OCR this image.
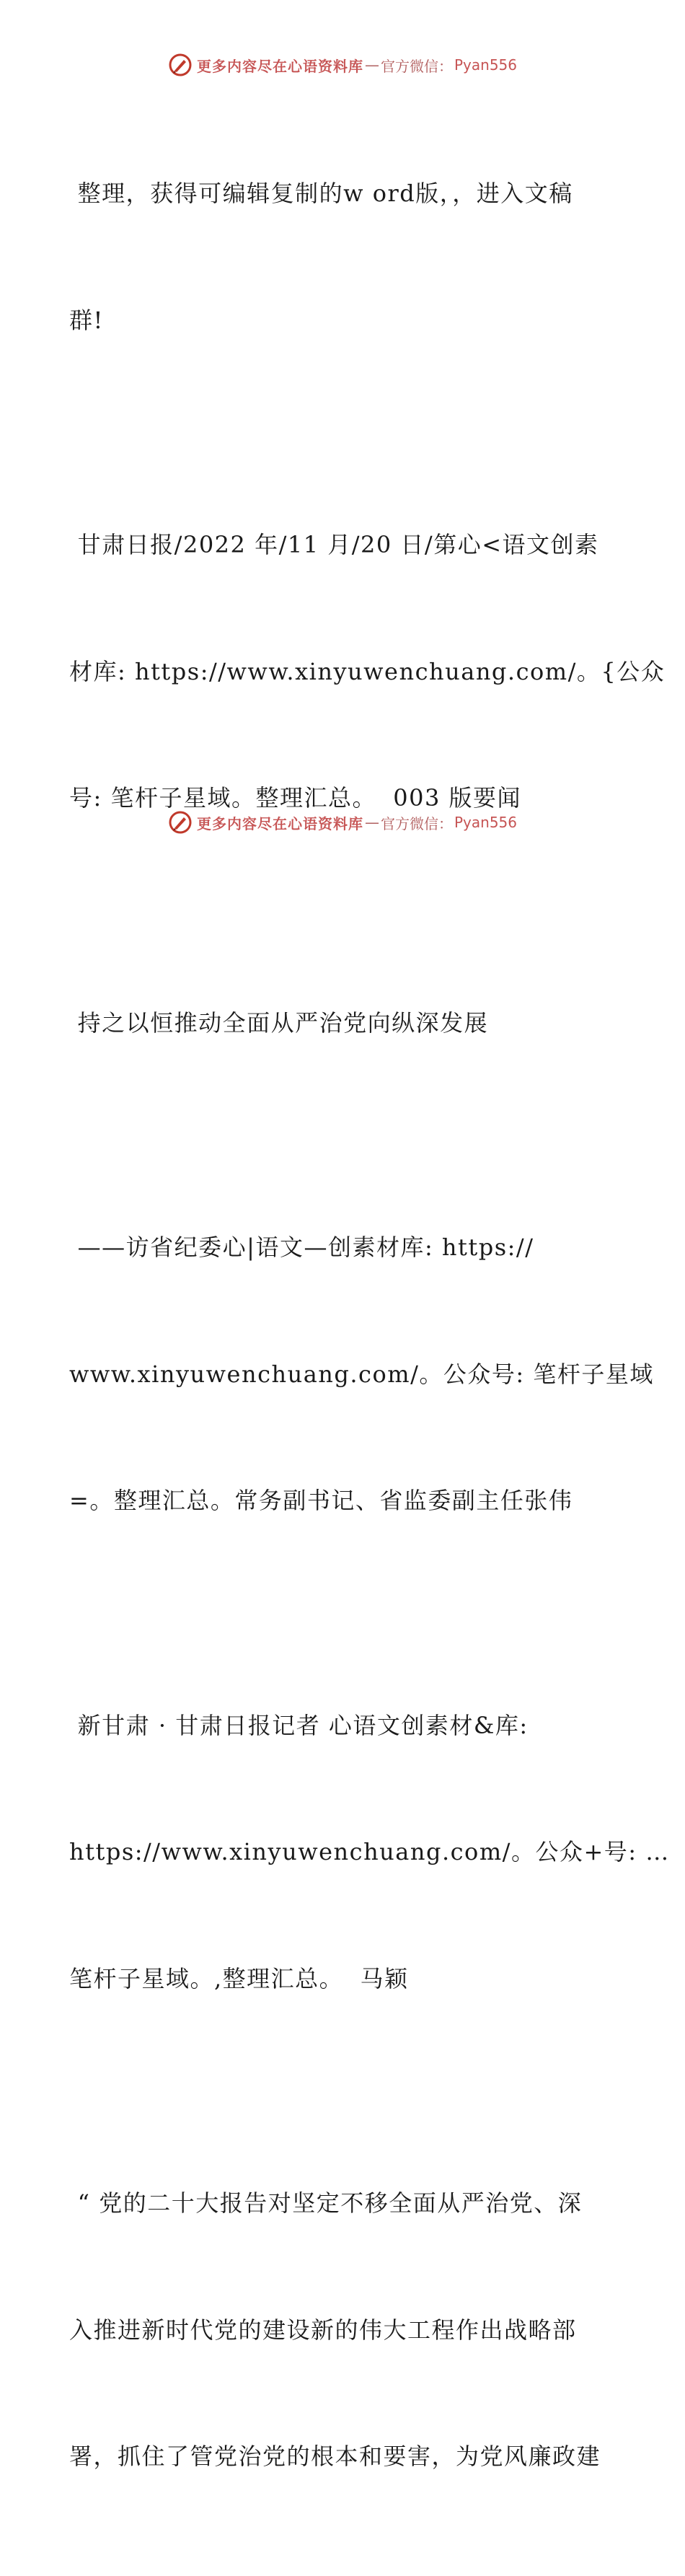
更多内容尽在心语资料库 — 官方微信： Pyan556

整理，获得可编辑复制的w ord版，，进入文稿

群!

甘肃日报/2022 年/11 月/20 日/第心<语文创素

材库: https://www.xinyuwenchuang.com/。{公众

号: 笔杆子星域。整理汇总。  003 版要闻

持之以恒推动全面从严治党向纵深发展

——访省纪委心|语文—创素材库: https://

www.xinyuwenchuang.com/。公众号: 笔杆子星域

=。整理汇总。常务副书记、省监委副主任张伟

新甘肃 · 甘肃日报记者 心语文创素材&库:

https://www.xinyuwenchuang.com/。公众+号: …

笔杆子星域。,整理汇总。  马颖

“ 党的二十大报告对坚定不移全面从严治党、深

入推进新时代党的建设新的伟大工程作出战略部

署，抓住了管党治党的根本和要害，为党风廉政建

更多内容尽在心语资料库 — 官方微信： Pyan556
